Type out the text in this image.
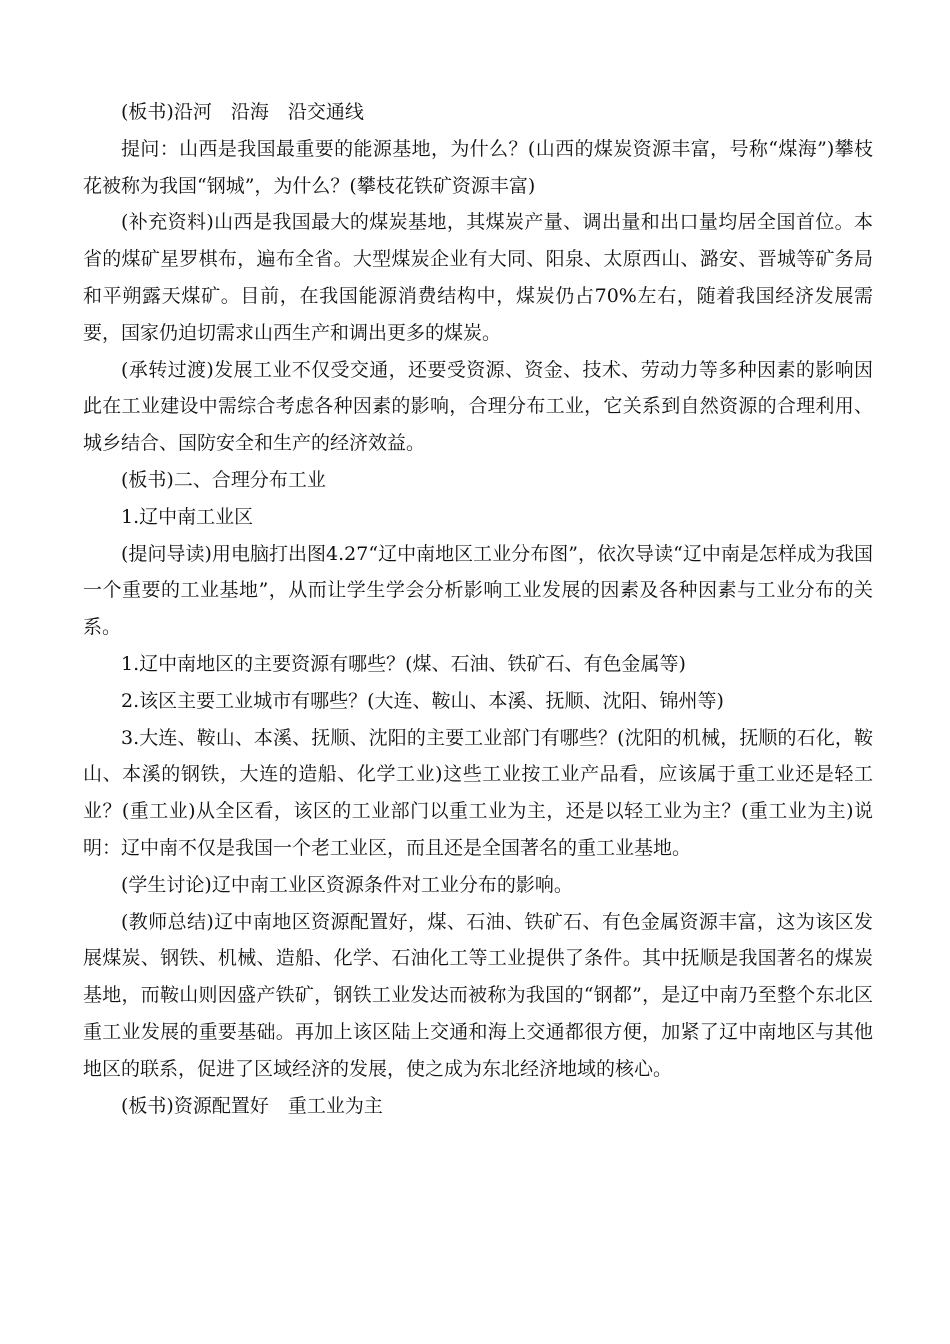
(板书)沿河　沿海　沿交通线

提问：山西是我国最重要的能源基地，为什么？(山西的煤炭资源丰富，号称“煤海”)攀枝花被称为我国“钢城”，为什么？(攀枝花铁矿资源丰富)

(补充资料)山西是我国最大的煤炭基地，其煤炭产量、调出量和出口量均居全国首位。本省的煤矿星罗棋布，遍布全省。大型煤炭企业有大同、阳泉、太原西山、潞安、晋城等矿务局和平朔露天煤矿。目前，在我国能源消费结构中，煤炭仍占70%左右，随着我国经济发展需要，国家仍迫切需求山西生产和调出更多的煤炭。

(承转过渡)发展工业不仅受交通，还要受资源、资金、技术、劳动力等多种因素的影响因此在工业建设中需综合考虑各种因素的影响，合理分布工业，它关系到自然资源的合理利用、城乡结合、国防安全和生产的经济效益。

(板书)二、合理分布工业

1.辽中南工业区

(提问导读)用电脑打出图4.27“辽中南地区工业分布图”，依次导读“辽中南是怎样成为我国一个重要的工业基地”，从而让学生学会分析影响工业发展的因素及各种因素与工业分布的关系。

1.辽中南地区的主要资源有哪些？(煤、石油、铁矿石、有色金属等)

2.该区主要工业城市有哪些？(大连、鞍山、本溪、抚顺、沈阳、锦州等)

3.大连、鞍山、本溪、抚顺、沈阳的主要工业部门有哪些？(沈阳的机械，抚顺的石化，鞍山、本溪的钢铁，大连的造船、化学工业)这些工业按工业产品看，应该属于重工业还是轻工业？(重工业)从全区看，该区的工业部门以重工业为主，还是以轻工业为主？(重工业为主)说明：辽中南不仅是我国一个老工业区，而且还是全国著名的重工业基地。

(学生讨论)辽中南工业区资源条件对工业分布的影响。

(教师总结)辽中南地区资源配置好，煤、石油、铁矿石、有色金属资源丰富，这为该区发展煤炭、钢铁、机械、造船、化学、石油化工等工业提供了条件。其中抚顺是我国著名的煤炭基地，而鞍山则因盛产铁矿，钢铁工业发达而被称为我国的“钢都”，是辽中南乃至整个东北区重工业发展的重要基础。再加上该区陆上交通和海上交通都很方便，加紧了辽中南地区与其他地区的联系，促进了区域经济的发展，使之成为东北经济地域的核心。

(板书)资源配置好　重工业为主
